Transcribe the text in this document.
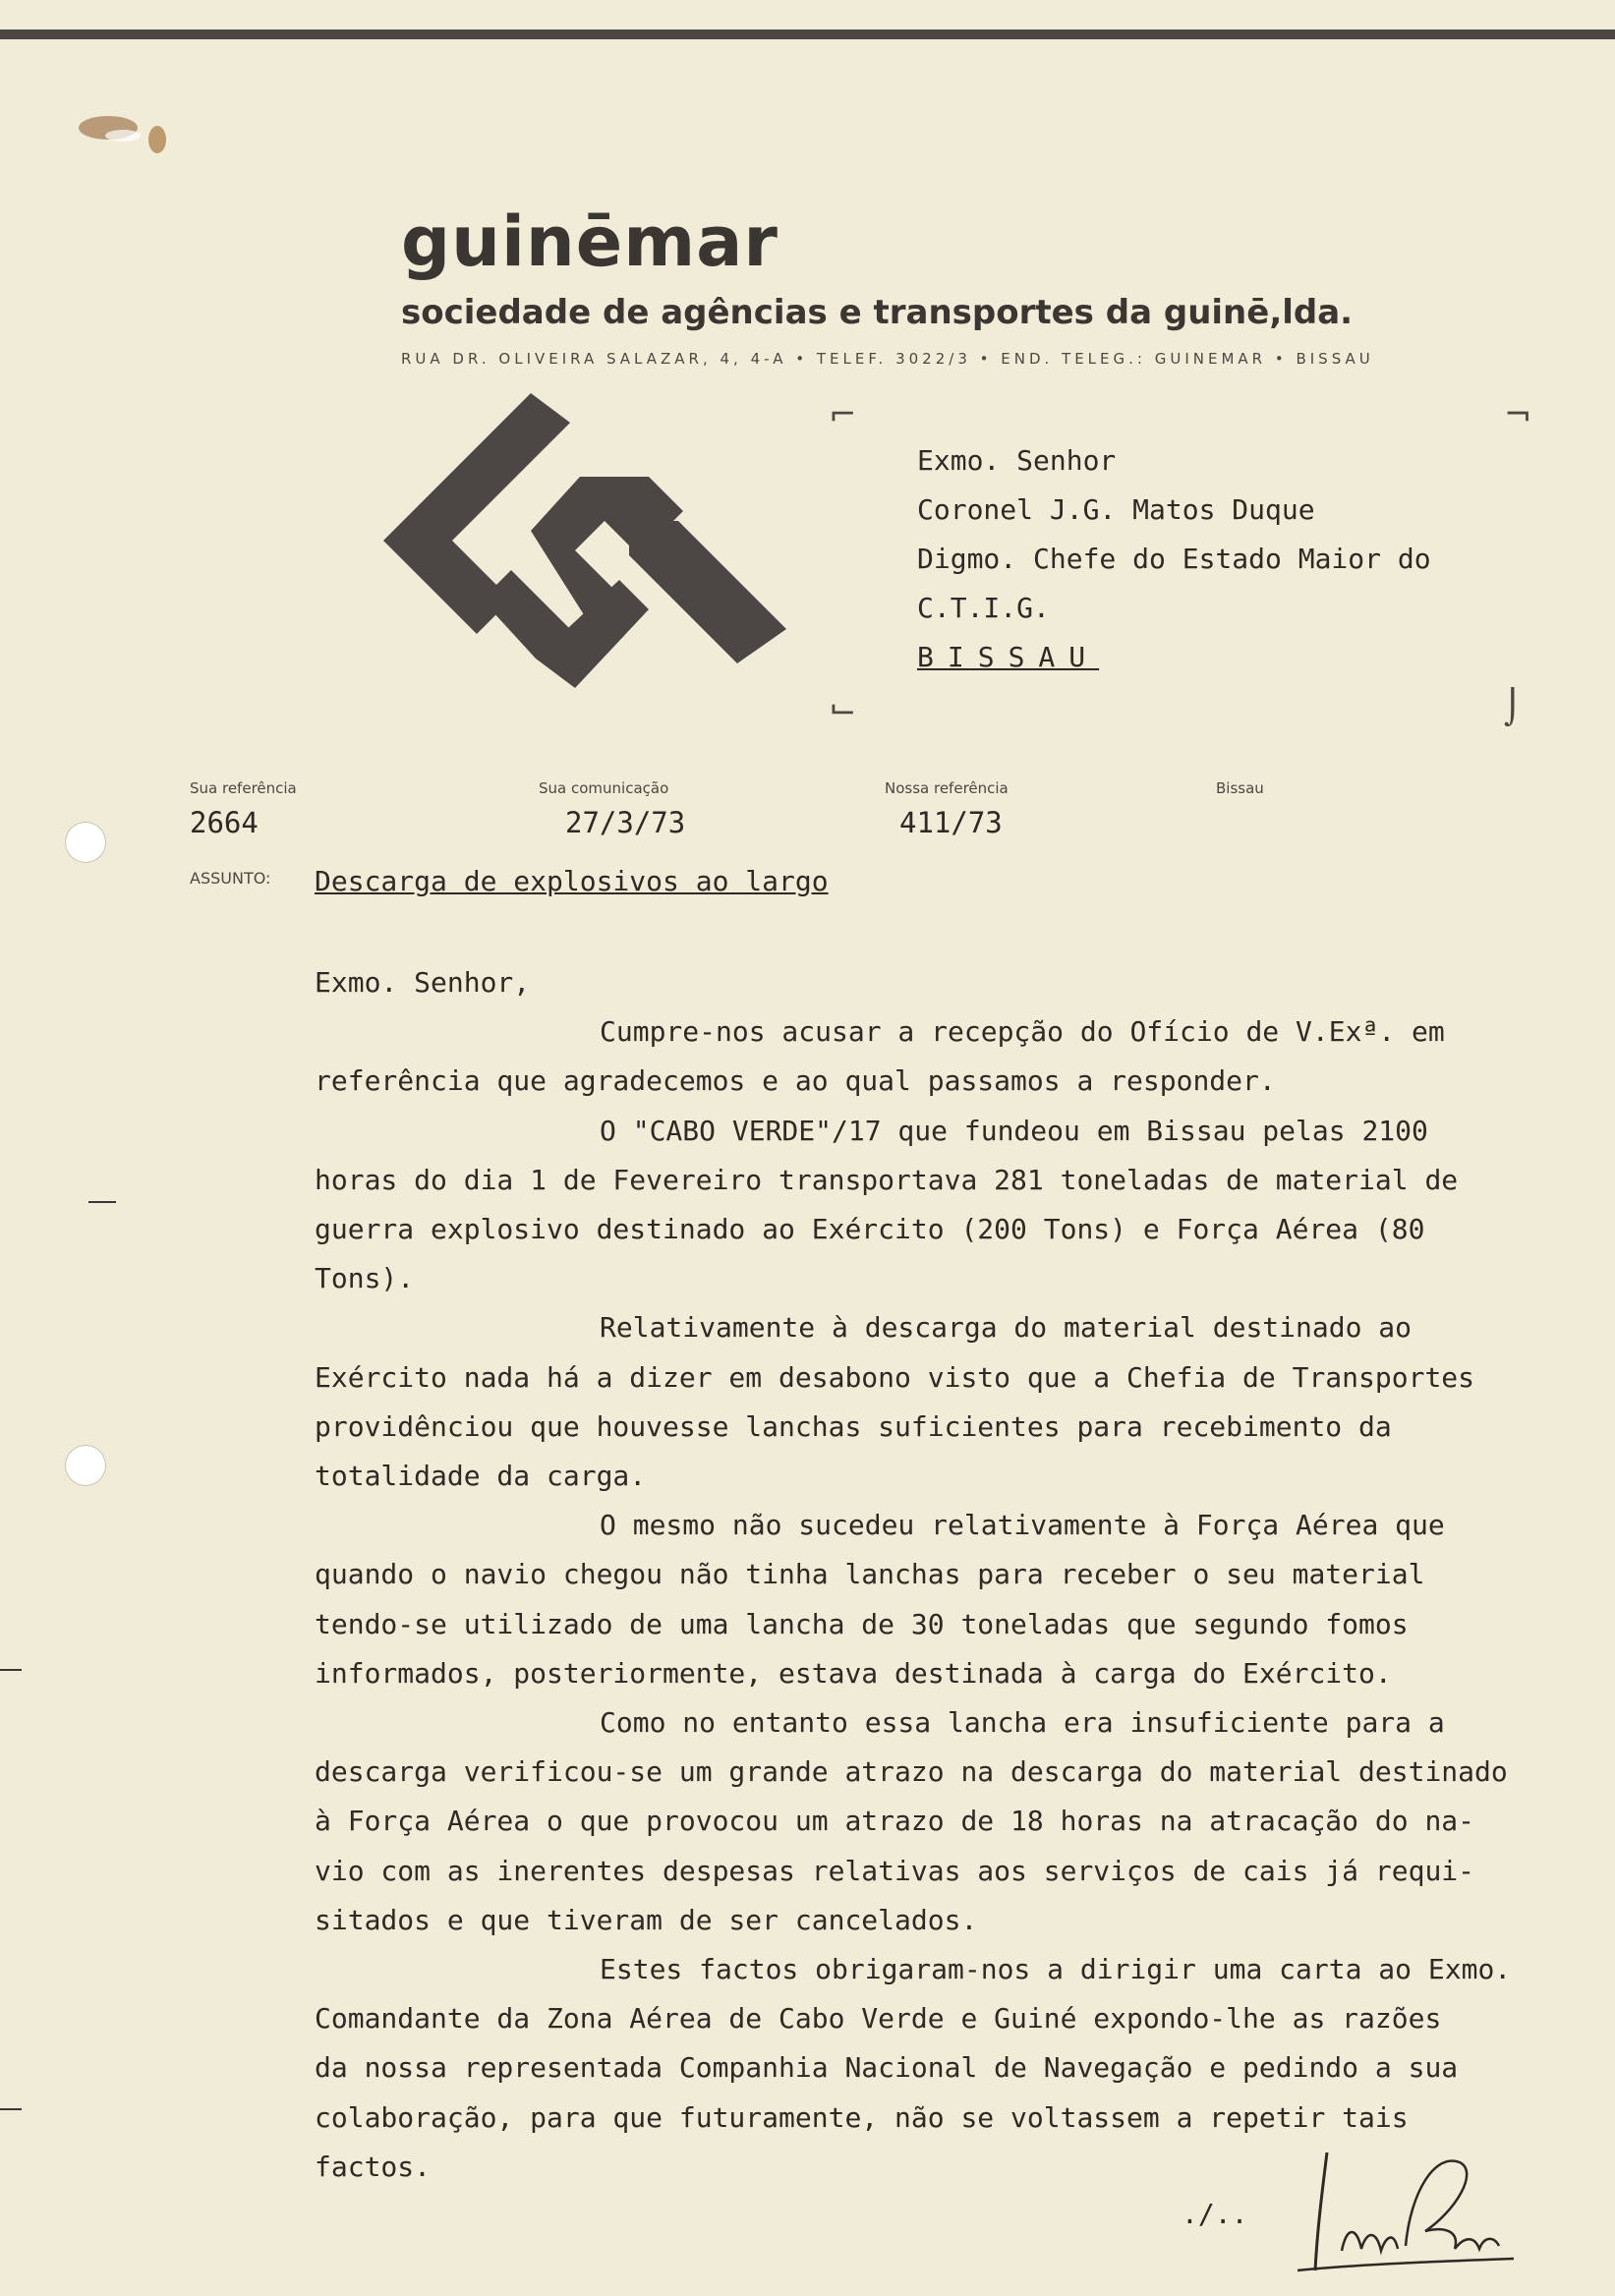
guinēmar
sociedade de agências e transportes da guinē,lda.
RUA DR. OLIVEIRA SALAZAR, 4, 4-A • TELEF. 3022/3 • END. TELEG.: GUINEMAR • BISSAU
⌐	¬
⌙	⌡
Exmo. Senhor
Coronel J.G. Matos Duque
Digmo. Chefe do Estado Maior do
C.T.I.G.
BISSAU
Sua referência
2664
Sua comunicação
27/3/73
Nossa referência
411/73
Bissau
ASSUNTO: Descarga de explosivos ao largo

Exmo. Senhor,

Cumpre-nos acusar a recepção do Ofício de V.Exª. em

referência que agradecemos e ao qual passamos a responder.

O "CABO VERDE"/17 que fundeou em Bissau pelas 2100

horas do dia 1 de Fevereiro transportava 281 toneladas de material de

guerra explosivo destinado ao Exército (200 Tons) e Força Aérea (80

Tons).

Relativamente à descarga do material destinado ao

Exército nada há a dizer em desabono visto que a Chefia de Transportes

providênciou que houvesse lanchas suficientes para recebimento da

totalidade da carga.

O mesmo não sucedeu relativamente à Força Aérea que

quando o navio chegou não tinha lanchas para receber o seu material

tendo-se utilizado de uma lancha de 30 toneladas que segundo fomos

informados, posteriormente, estava destinada à carga do Exército.

Como no entanto essa lancha era insuficiente para a

descarga verificou-se um grande atrazo na descarga do material destinado

à Força Aérea o que provocou um atrazo de 18 horas na atracação do na-

vio com as inerentes despesas relativas aos serviços de cais já requi-

sitados e que tiveram de ser cancelados.

Estes factos obrigaram-nos a dirigir uma carta ao Exmo.

Comandante da Zona Aérea de Cabo Verde e Guiné expondo-lhe as razões

da nossa representada Companhia Nacional de Navegação e pedindo a sua

colaboração, para que futuramente, não se voltassem a repetir tais

factos.

./..
